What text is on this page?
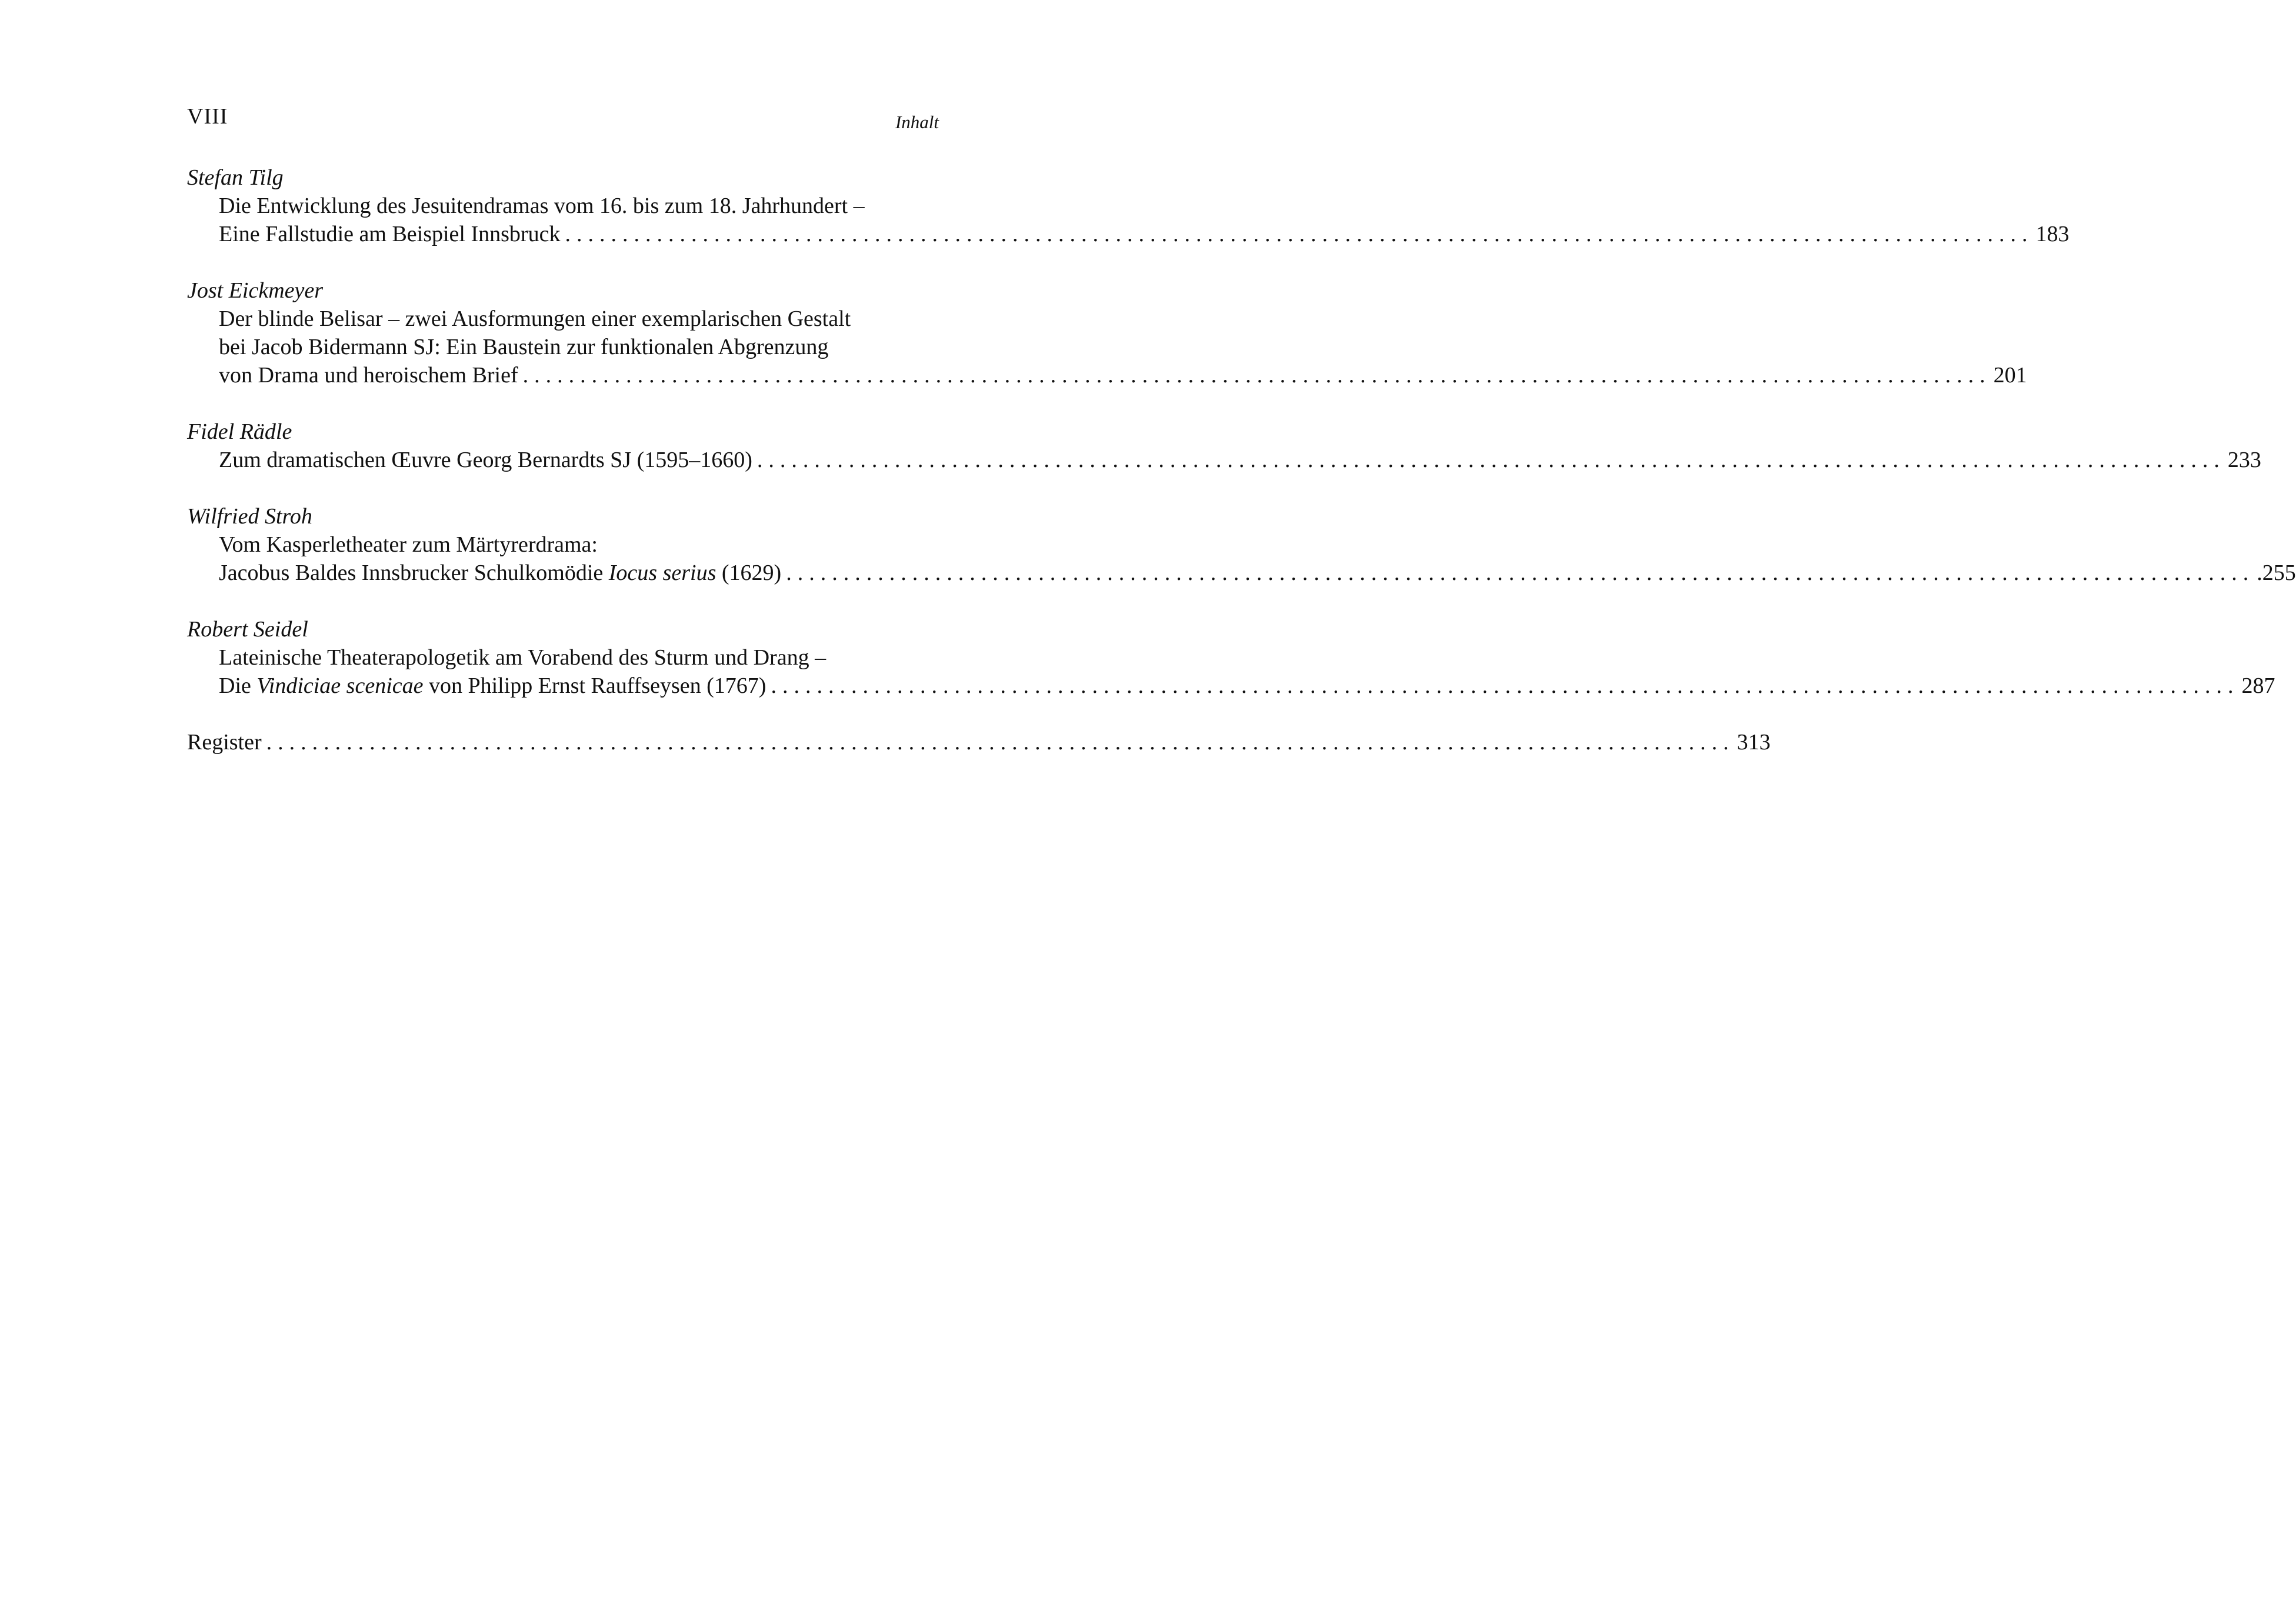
VIII	Inhalt
Stefan Tilg
Die Entwicklung des Jesuitendramas vom 16. bis zum 18. Jahrhundert –
Eine Fallstudie am Beispiel Innsbruck ................................................................................................................................ 183
Jost Eickmeyer
Der blinde Belisar – zwei Ausformungen einer exemplarischen Gestalt
bei Jacob Bidermann SJ: Ein Baustein zur funktionalen Abgrenzung
von Drama und heroischem Brief ................................................................................................................................ 201
Fidel Rädle
Zum dramatischen Œuvre Georg Bernardts SJ (1595–1660) ................................................................................................................................ 233
Wilfried Stroh
Vom Kasperletheater zum Märtyrerdrama:
Jacobus Baldes Innsbrucker Schulkomödie Iocus serius (1629) ................................................................................................................................ .255
Robert Seidel
Lateinische Theaterapologetik am Vorabend des Sturm und Drang –
Die Vindiciae scenicae von Philipp Ernst Rauffseysen (1767) ................................................................................................................................ 287
Register ................................................................................................................................ 313
